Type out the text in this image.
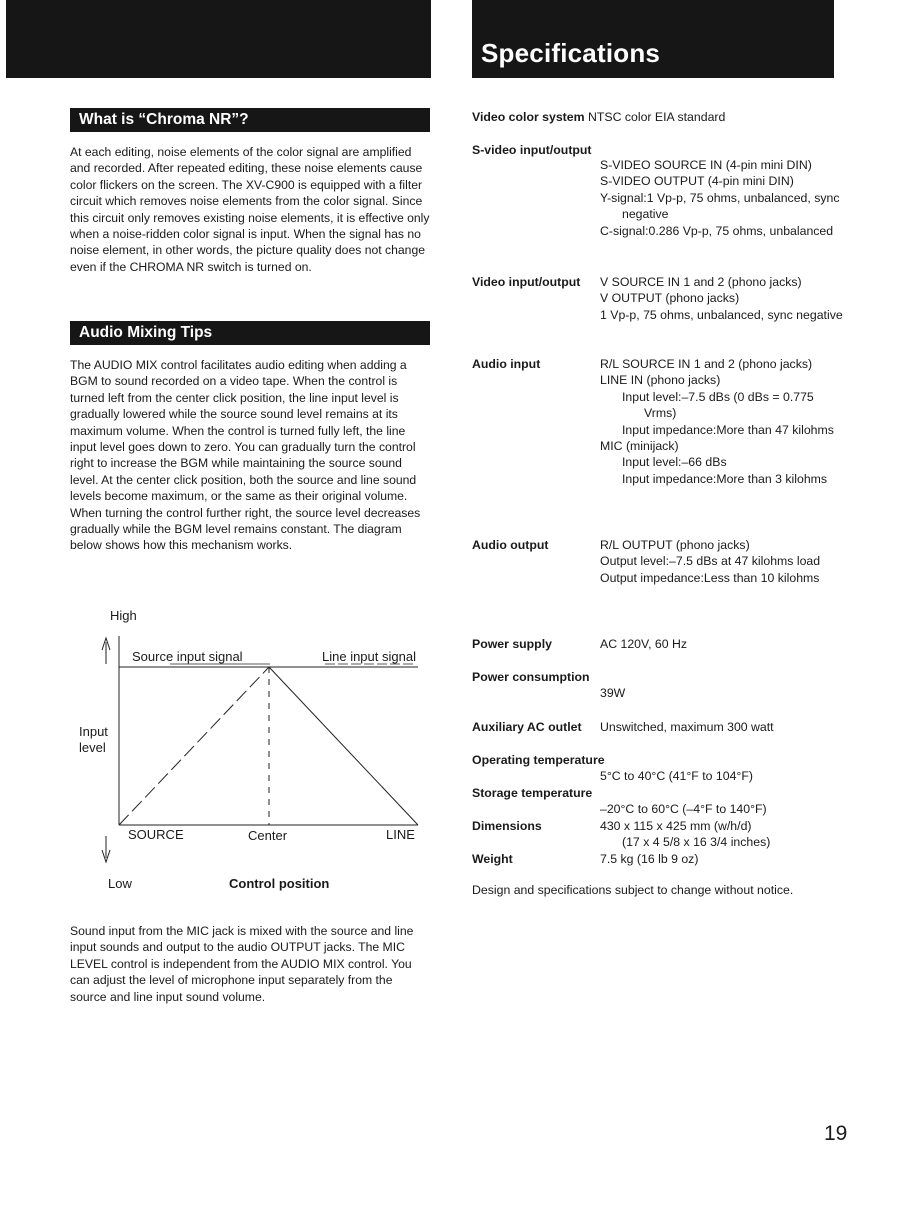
Specifications
What is “Chroma NR”?

At each editing, noise elements of the color signal are amplified and recorded. After repeated editing, these noise elements cause color flickers on the screen. The XV-C900 is equipped with a filter circuit which removes noise elements from the color signal. Since this circuit only removes existing noise elements, it is effective only when a noise-ridden color signal is input. When the signal has no noise element, in other words, the picture quality does not change even if the CHROMA NR switch is turned on.

Audio Mixing Tips

The AUDIO MIX control facilitates audio editing when adding a BGM to sound recorded on a video tape. When the control is turned left from the center click position, the line input level is gradually lowered while the source sound level remains at its maximum volume. When the control is turned fully left, the line input level goes down to zero. You can gradually turn the control right to increase the BGM while maintaining the source sound level. At the center click position, both the source and line sound levels become maximum, or the same as their original volume. When turning the control further right, the source level decreases gradually while the BGM level remains constant. The diagram below shows how this mechanism works.

High
Source input signal	Line input signal
Input
level
SOURCE	Center	LINE
Low	Control position

Sound input from the MIC jack is mixed with the source and line input sounds and output to the audio OUTPUT jacks. The MIC LEVEL control is independent from the AUDIO MIX control. You can adjust the level of microphone input separately from the source and line input sound volume.

Video color system NTSC color EIA standard
S-video input/output
S-VIDEO SOURCE IN (4-pin mini DIN)
S-VIDEO OUTPUT (4-pin mini DIN)
Y-signal:1 Vp-p, 75 ohms, unbalanced, sync negative
C-signal:0.286 Vp-p, 75 ohms, unbalanced
Video input/output	V SOURCE IN 1 and 2 (phono jacks)
V OUTPUT (phono jacks)
1 Vp-p, 75 ohms, unbalanced, sync negative
Audio input	R/L SOURCE IN 1 and 2 (phono jacks)
LINE IN (phono jacks)
Input level:–7.5 dBs (0 dBs = 0.775 Vrms)
Input impedance:More than 47 kilohms
MIC (minijack)
Input level:–66 dBs
Input impedance:More than 3 kilohms
Audio output	R/L OUTPUT (phono jacks)
Output level:–7.5 dBs at 47 kilohms load
Output impedance:Less than 10 kilohms
Power supply	AC 120V, 60 Hz
Power consumption
39W
Auxiliary AC outlet	Unswitched, maximum 300 watt
Operating temperature
5°C to 40°C (41°F to 104°F)
Storage temperature
–20°C to 60°C (–4°F to 140°F)
Dimensions	430 x 115 x 425 mm (w/h/d)
(17 x 4 5/8 x 16 3/4 inches)
Weight	7.5 kg (16 lb 9 oz)
Design and specifications subject to change without notice.
19
